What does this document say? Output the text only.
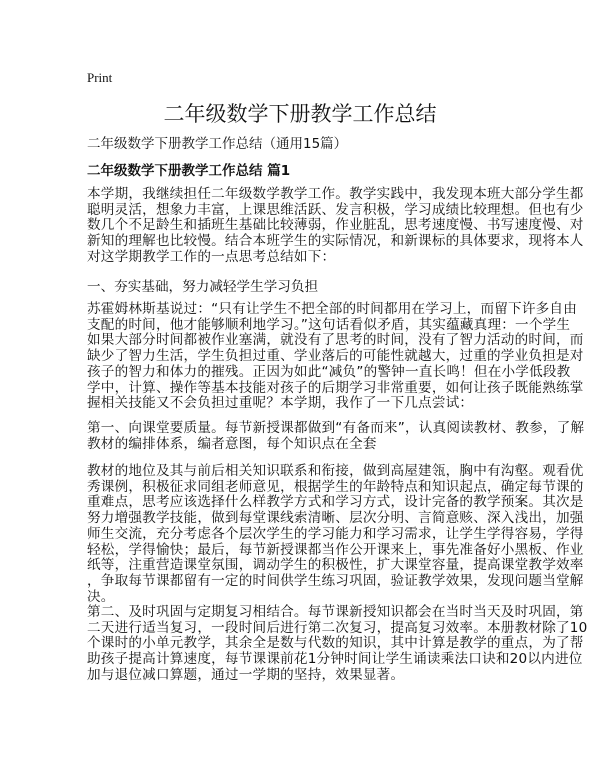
Print
二年级数学下册教学工作总结
二年级数学下册教学工作总结（通用15篇）
二年级数学下册教学工作总结 篇1
本学期，我继续担任二年级数学教学工作。教学实践中，我发现本班大部分学生都
聪明灵活，想象力丰富，上课思维活跃、发言积极，学习成绩比较理想。但也有少
数几个不足龄生和插班生基础比较薄弱，作业脏乱，思考速度慢、书写速度慢、对
新知的理解也比较慢。结合本班学生的实际情况，和新课标的具体要求，现将本人
对这学期教学工作的一点思考总结如下：
一、夯实基础，努力减轻学生学习负担
苏霍姆林斯基说过：“只有让学生不把全部的时间都用在学习上，而留下许多自由
支配的时间，他才能够顺利地学习。”这句话看似矛盾，其实蕴藏真理：一个学生
如果大部分时间都被作业塞满，就没有了思考的时间，没有了智力活动的时间，而
缺少了智力生活，学生负担过重、学业落后的可能性就越大，过重的学业负担是对
孩子的智力和体力的摧残。正因为如此“减负”的警钟一直长鸣！但在小学低段教
学中，计算、操作等基本技能对孩子的后期学习非常重要，如何让孩子既能熟练掌
握相关技能又不会负担过重呢？本学期，我作了一下几点尝试：
第一、向课堂要质量。每节新授课都做到“有备而来”，认真阅读教材、教参，了解
教材的编排体系，编者意图，每个知识点在全套
教材的地位及其与前后相关知识联系和衔接，做到高屋建瓴，胸中有沟壑。观看优
秀课例，积极征求同组老师意见，根据学生的年龄特点和知识起点，确定每节课的
重难点，思考应该选择什么样教学方式和学习方式，设计完备的教学预案。其次是
努力增强教学技能，做到每堂课线索清晰、层次分明、言简意赅、深入浅出，加强
师生交流，充分考虑各个层次学生的学习能力和学习需求，让学生学得容易，学得
轻松，学得愉快；最后，每节新授课都当作公开课来上，事先准备好小黑板、作业
纸等，注重营造课堂氛围，调动学生的积极性，扩大课堂容量，提高课堂教学效率
，争取每节课都留有一定的时间供学生练习巩固，验证教学效果，发现问题当堂解
决。
第二、及时巩固与定期复习相结合。每节课新授知识都会在当时当天及时巩固，第
二天进行适当复习，一段时间后进行第二次复习，提高复习效率。本册教材除了10
个课时的小单元教学，其余全是数与代数的知识，其中计算是教学的重点，为了帮
助孩子提高计算速度，每节课课前花1分钟时间让学生诵读乘法口诀和20以内进位
加与退位减口算题，通过一学期的坚持，效果显著。
